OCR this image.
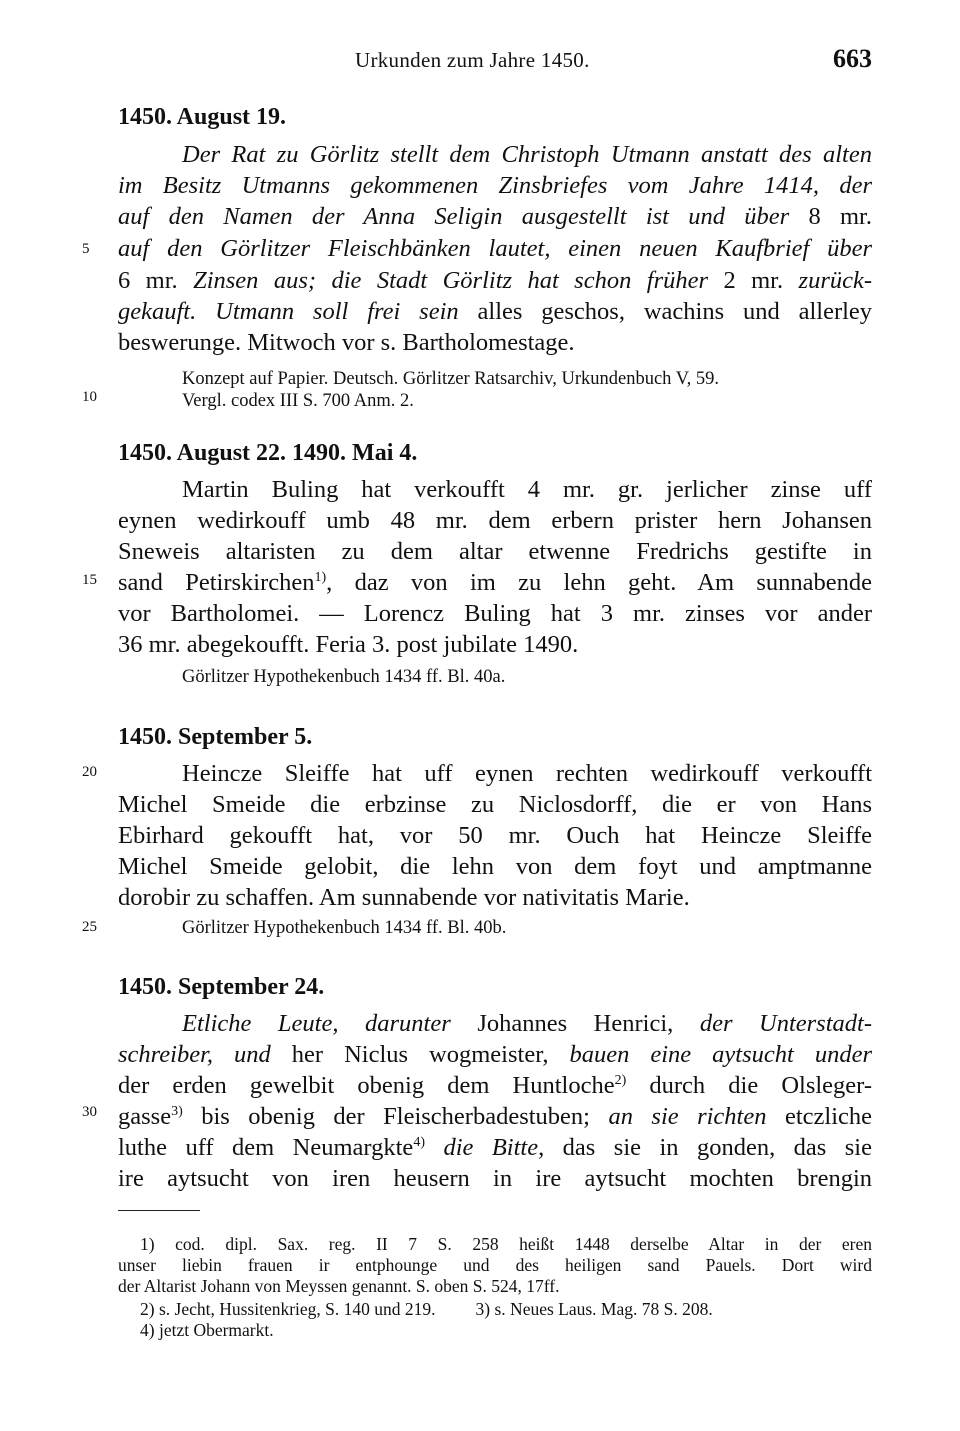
Urkunden zum Jahre 1450.	663
5
10
15
20
25
30
1450. August 19.
Der Rat zu Görlitz stellt dem Christoph Utmann anstatt des alten
im Besitz Utmanns gekommenen Zinsbriefes vom Jahre 1414, der
auf den Namen der Anna Seligin ausgestellt ist und über 8 mr.
auf den Görlitzer Fleischbänken lautet, einen neuen Kaufbrief über
6 mr. Zinsen aus; die Stadt Görlitz hat schon früher 2 mr. zurück-
gekauft. Utmann soll frei sein alles geschos, wachins und allerley
beswerunge. Mitwoch vor s. Bartholomestage.
Konzept auf Papier. Deutsch. Görlitzer Ratsarchiv, Urkundenbuch V, 59.
Vergl. codex III S. 700 Anm. 2.
1450. August 22. 1490. Mai 4.
Martin Buling hat verkoufft 4 mr. gr. jerlicher zinse uff
eynen wedirkouff umb 48 mr. dem erbern prister hern Johansen
Sneweis altaristen zu dem altar etwenne Fredrichs gestifte in
sand Petirskirchen$^{1)}$, daz von im zu lehn geht. Am sunnabende
vor Bartholomei. — Lorencz Buling hat 3 mr. zinses vor ander
36 mr. abegekoufft. Feria 3. post jubilate 1490.
Görlitzer Hypothekenbuch 1434 ff. Bl. 40a.
1450. September 5.
Heincze Sleiffe hat uff eynen rechten wedirkouff verkoufft
Michel Smeide die erbzinse zu Niclosdorff, die er von Hans
Ebirhard gekoufft hat, vor 50 mr. Ouch hat Heincze Sleiffe
Michel Smeide gelobit, die lehn von dem foyt und amptmanne
dorobir zu schaffen. Am sunnabende vor nativitatis Marie.
Görlitzer Hypothekenbuch 1434 ff. Bl. 40b.
1450. September 24.
Etliche Leute, darunter Johannes Henrici, der Unterstadt-
schreiber, und her Niclus wogmeister, bauen eine aytsucht under
der erden gewelbit obenig dem Huntloche$^{2)}$ durch die Olsleger-
gasse$^{3)}$ bis obenig der Fleischerbadestuben; an sie richten etczliche
luthe uff dem Neumargkte$^{4)}$ die Bitte, das sie in gonden, das sie
ire aytsucht von iren heusern in ire aytsucht mochten brengin
1) cod. dipl. Sax. reg. II 7 S. 258 heißt 1448 derselbe Altar in der eren
unser liebin frauen ir entphounge und des heiligen sand Pauels. Dort wird
der Altarist Johann von Meyssen genannt. S. oben S. 524, 17ff.
2) s. Jecht, Hussitenkrieg, S. 140 und 219. 3) s. Neues Laus. Mag. 78 S. 208.
4) jetzt Obermarkt.
